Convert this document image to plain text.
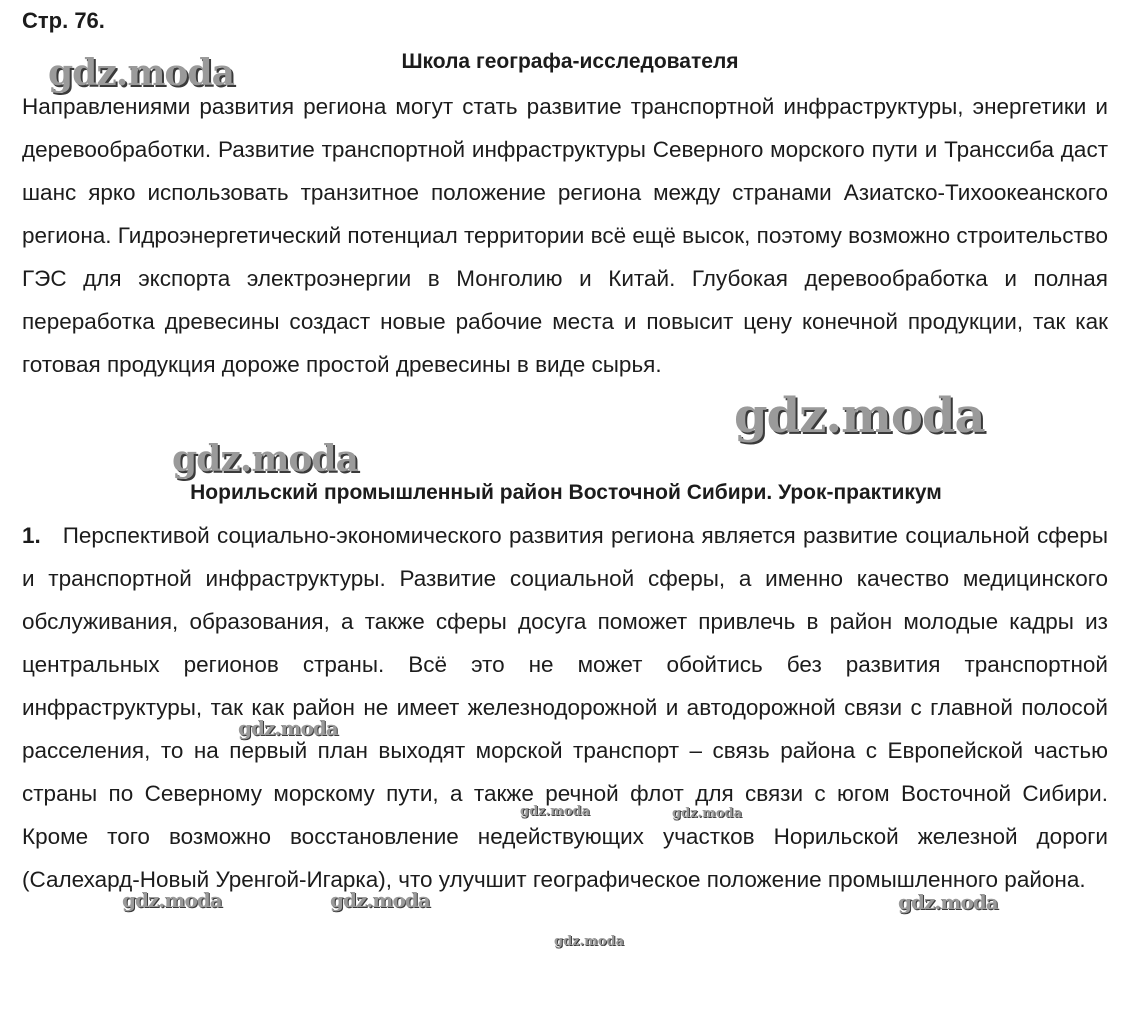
Стр. 76.
Школа географа-исследователя

Направлениями развития региона могут стать развитие транспортной инфраструктуры, энергетики и деревообработки. Развитие транспортной инфраструктуры Северного морского пути и Транссиба даст шанс ярко использовать транзитное положение региона между странами Азиатско-Тихоокеанского региона. Гидроэнергетический потенциал территории всё ещё высок, поэтому возможно строительство ГЭС для экспорта электроэнергии в Монголию и Китай. Глубокая деревообработка и полная переработка древесины создаст новые рабочие места и повысит цену конечной продукции, так как готовая продукция дороже простой древесины в виде сырья.

Норильский промышленный район Восточной Сибири. Урок-практикум

1. Перспективой социально-экономического развития региона является развитие социальной сферы и транспортной инфраструктуры. Развитие социальной сферы, а именно качество медицинского обслуживания, образования, а также сферы досуга поможет привлечь в район молодые кадры из центральных регионов страны. Всё это не может обойтись без развития транспортной инфраструктуры, так как район не имеет железнодорожной и автодорожной связи с главной полосой расселения, то на первый план выходят морской транспорт – связь района с Европейской частью страны по Северному морскому пути, а также речной флот для связи с югом Восточной Сибири. Кроме того возможно восстановление недействующих участков Норильской железной дороги (Салехард-Новый Уренгой-Игарка), что улучшит географическое положение промышленного района.

gdz.moda
gdz.moda
gdz.moda
gdz.moda
gdz.moda	gdz.moda
gdz.moda	gdz.moda	gdz.moda
gdz.moda
